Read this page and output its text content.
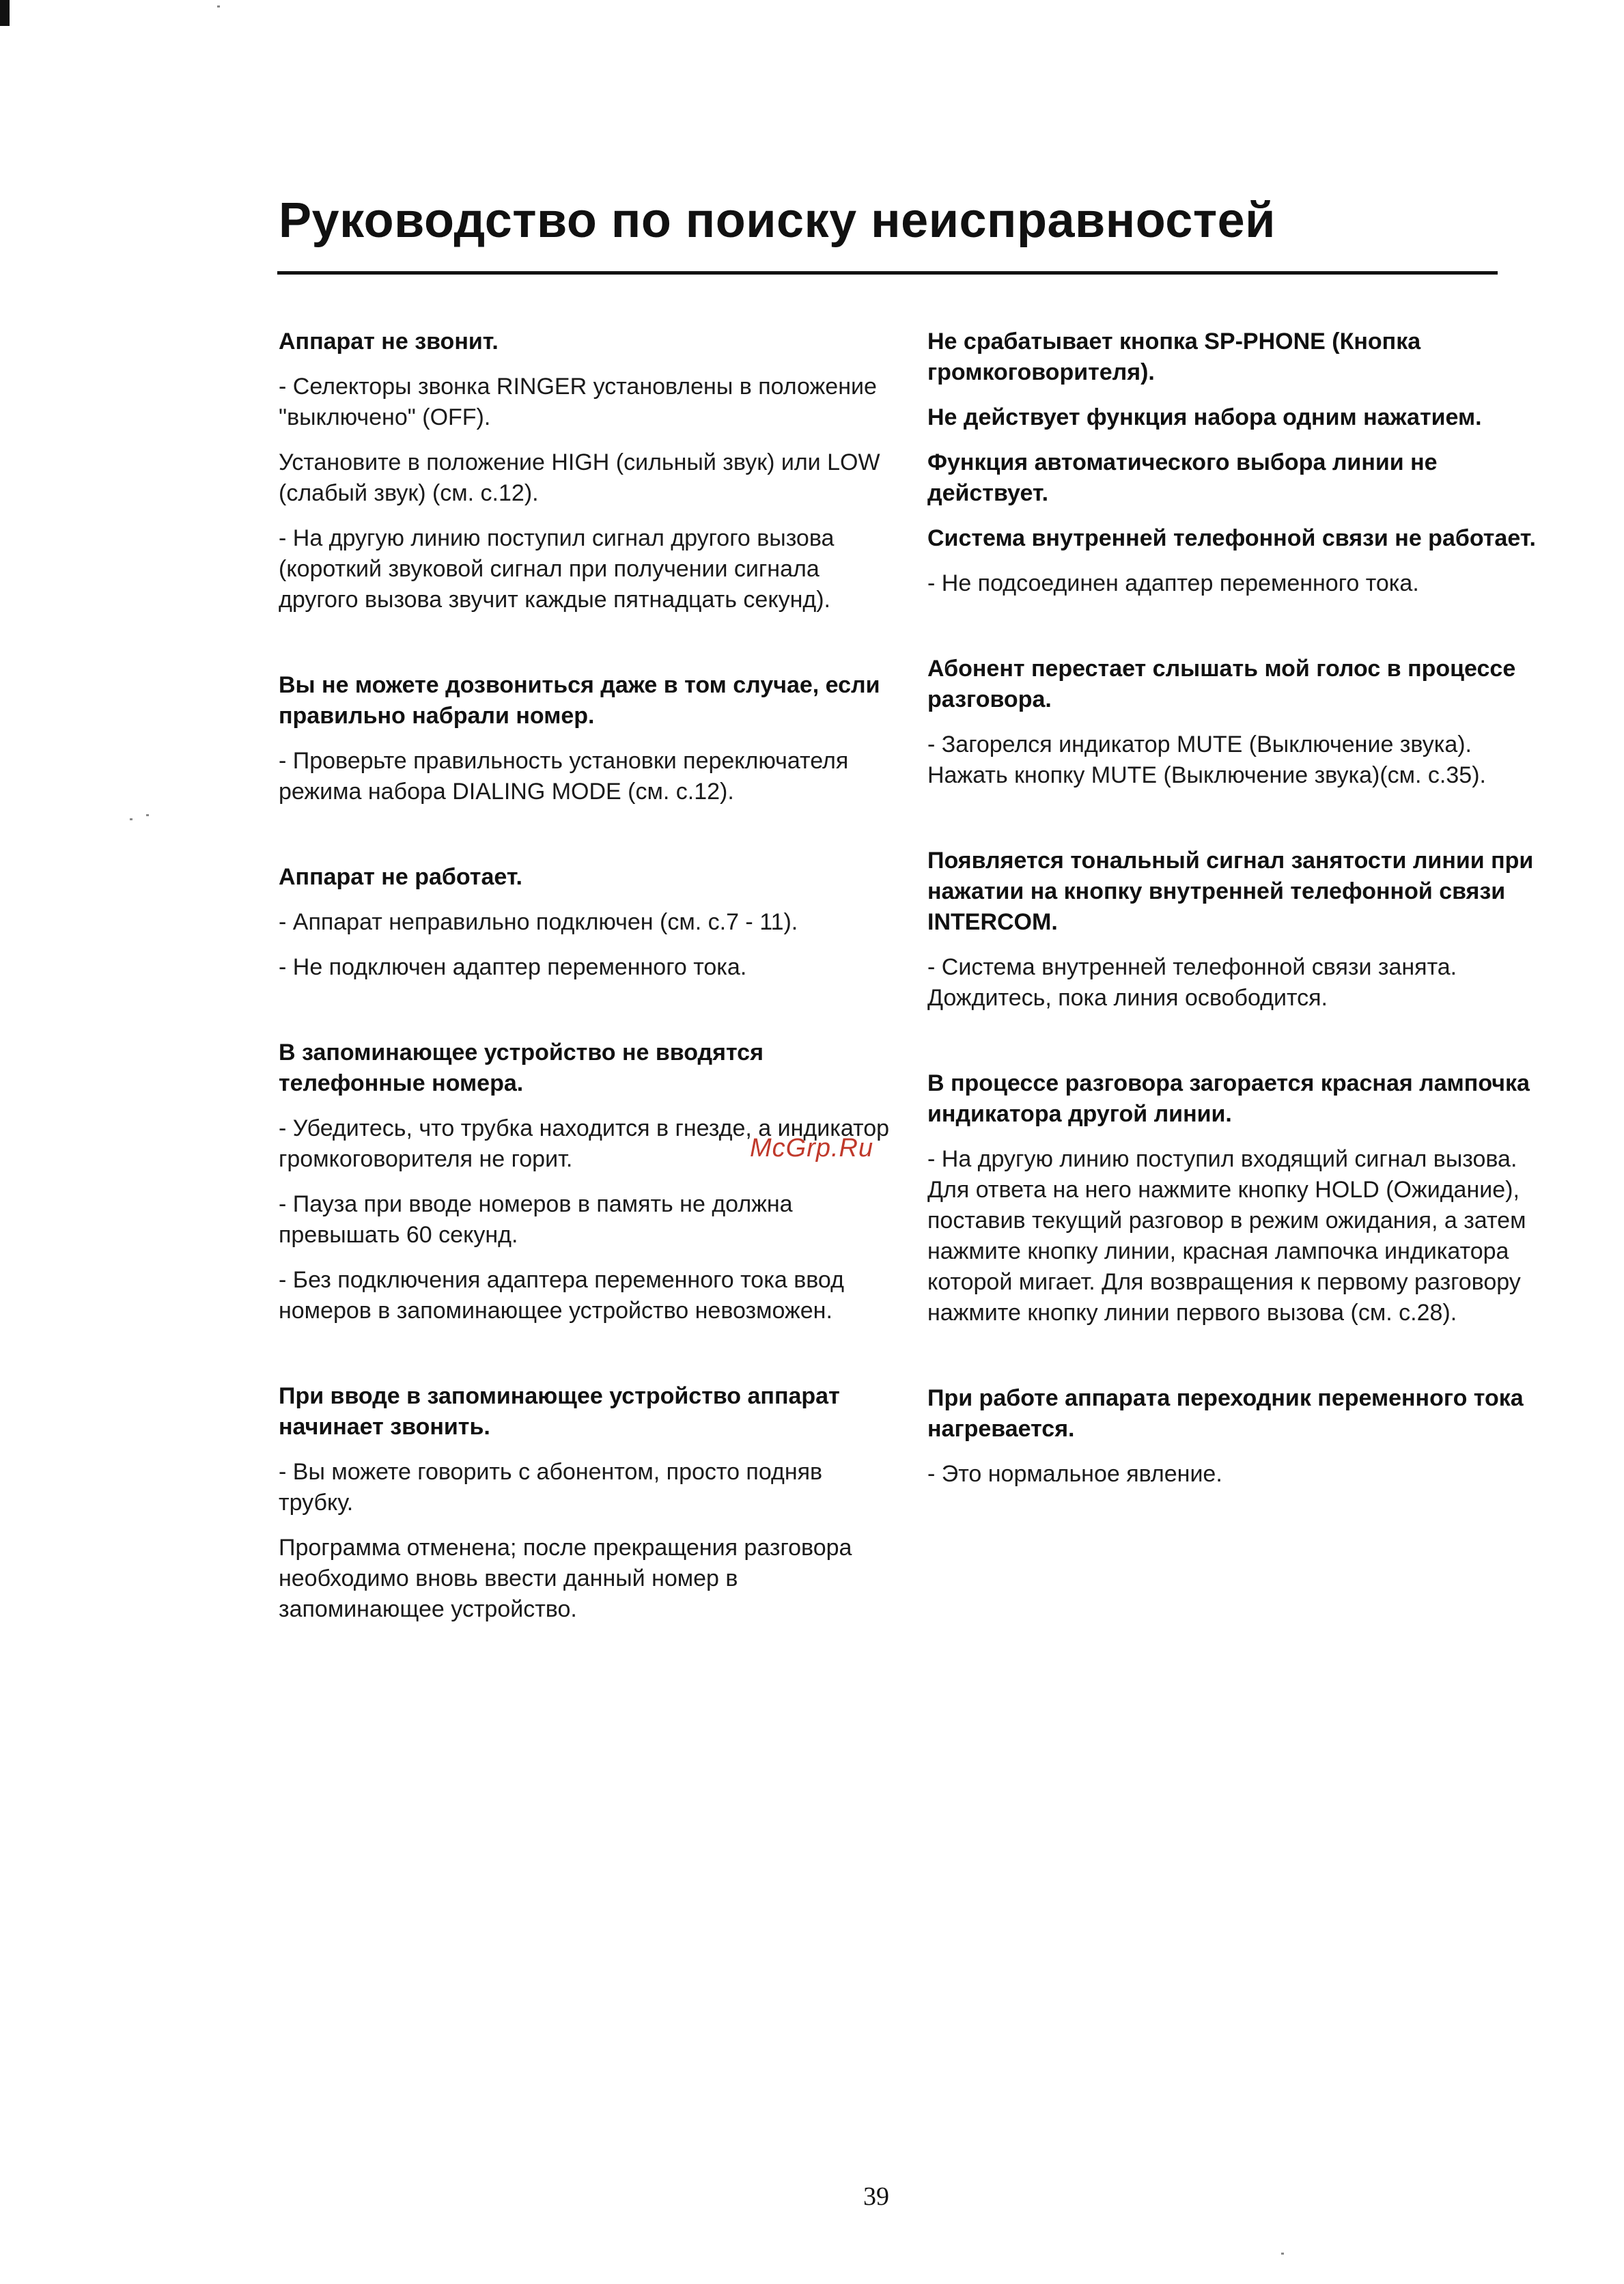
Руководство по поиску неисправностей

Аппарат не звонит.

- Селекторы звонка RINGER установлены в положение "выключено" (OFF).

Установите в положение HIGH (сильный звук) или LOW (слабый звук) (см. с.12).

- На другую линию поступил сигнал другого вызова (короткий звуковой сигнал при получении сигнала другого вызова звучит каждые пятнадцать секунд).

Вы не можете дозвониться даже в том случае, если правильно набрали номер.

- Проверьте правильность установки переключателя режима набора DIALING MODE (см. с.12).

Аппарат не работает.

- Аппарат неправильно подключен (см. с.7 - 11).

- Не подключен адаптер переменного тока.

В запоминающее устройство не вводятся телефонные номера.

- Убедитесь, что трубка находится в гнезде, а индикатор громкоговорителя не горит.

- Пауза при вводе номеров в память не должна превышать 60 секунд.

- Без подключения адаптера переменного тока ввод номеров в запоминающее устройство невозможен.

При вводе в запоминающее устройство аппарат начинает звонить.

- Вы можете говорить с абонентом, просто подняв трубку.

Программа отменена; после прекращения разговора необходимо вновь ввести данный номер в запоминающее устройство.

Не срабатывает кнопка SP-PHONE (Кнопка громкоговорителя).

Не действует функция набора одним нажатием.

Функция автоматического выбора линии не действует.

Система внутренней телефонной связи не работает.

- Не подсоединен адаптер переменного тока.

Абонент перестает слышать мой голос в процессе разговора.

- Загорелся индикатор MUTE (Выключение звука). Нажать кнопку MUTE (Выключение звука)(см. с.35).

Появляется тональный сигнал занятости линии при нажатии на кнопку внутренней телефонной связи INTERCOM.

- Система внутренней телефонной связи занята. Дождитесь, пока линия освободится.

В процессе разговора загорается красная лампочка индикатора другой линии.

- На другую линию поступил входящий сигнал вызова. Для ответа на него нажмите кнопку HOLD (Ожидание), поставив текущий разговор в режим ожидания, а затем нажмите кнопку линии, красная лампочка индикатора которой мигает. Для возвращения к первому разговору нажмите кнопку линии первого вызова (см. с.28).

При работе аппарата переходник переменного тока нагревается.

- Это нормальное явление.

McGrp.Ru
39
